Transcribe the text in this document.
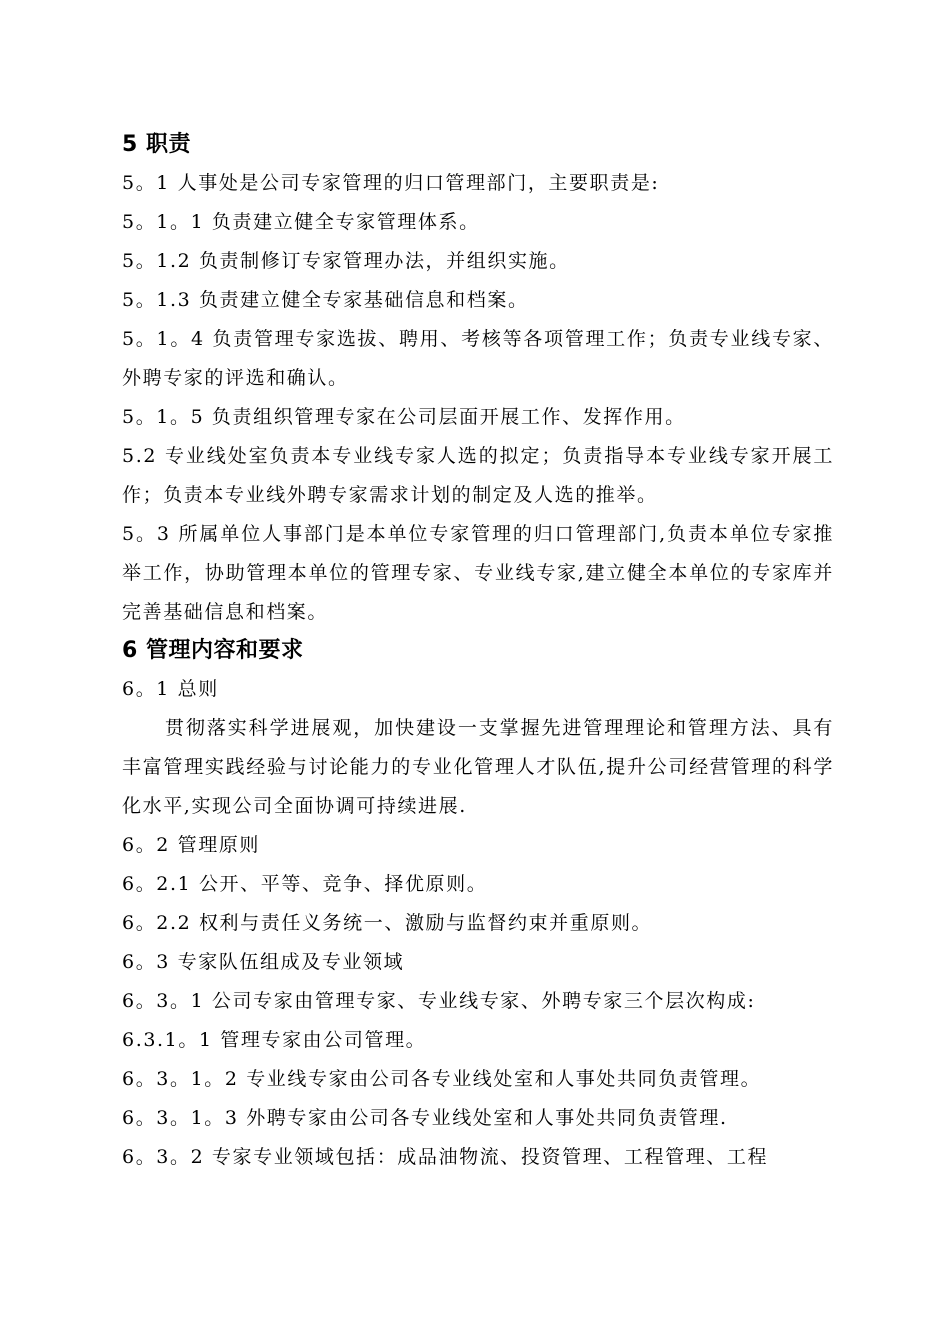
5 职责
5。1 人事处是公司专家管理的归口管理部门，主要职责是:
5。1。1 负责建立健全专家管理体系。
5。1.2 负责制修订专家管理办法，并组织实施。
5。1.3 负责建立健全专家基础信息和档案。
5。1。4 负责管理专家选拔、聘用、考核等各项管理工作；负责专业线专家、外聘专家的评选和确认。
5。1。5 负责组织管理专家在公司层面开展工作、发挥作用。
5.2 专业线处室负责本专业线专家人选的拟定；负责指导本专业线专家开展工作；负责本专业线外聘专家需求计划的制定及人选的推举。
5。3 所属单位人事部门是本单位专家管理的归口管理部门,负责本单位专家推举工作，协助管理本单位的管理专家、专业线专家,建立健全本单位的专家库并完善基础信息和档案。
6 管理内容和要求
6。1 总则
贯彻落实科学进展观，加快建设一支掌握先进管理理论和管理方法、具有丰富管理实践经验与讨论能力的专业化管理人才队伍,提升公司经营管理的科学化水平,实现公司全面协调可持续进展.
6。2 管理原则
6。2.1 公开、平等、竞争、择优原则。
6。2.2 权利与责任义务统一、激励与监督约束并重原则。
6。3 专家队伍组成及专业领域
6。3。1 公司专家由管理专家、专业线专家、外聘专家三个层次构成:
6.3.1。1 管理专家由公司管理。
6。3。1。2 专业线专家由公司各专业线处室和人事处共同负责管理。
6。3。1。3 外聘专家由公司各专业线处室和人事处共同负责管理.
6。3。2 专家专业领域包括：成品油物流、投资管理、工程管理、工程
